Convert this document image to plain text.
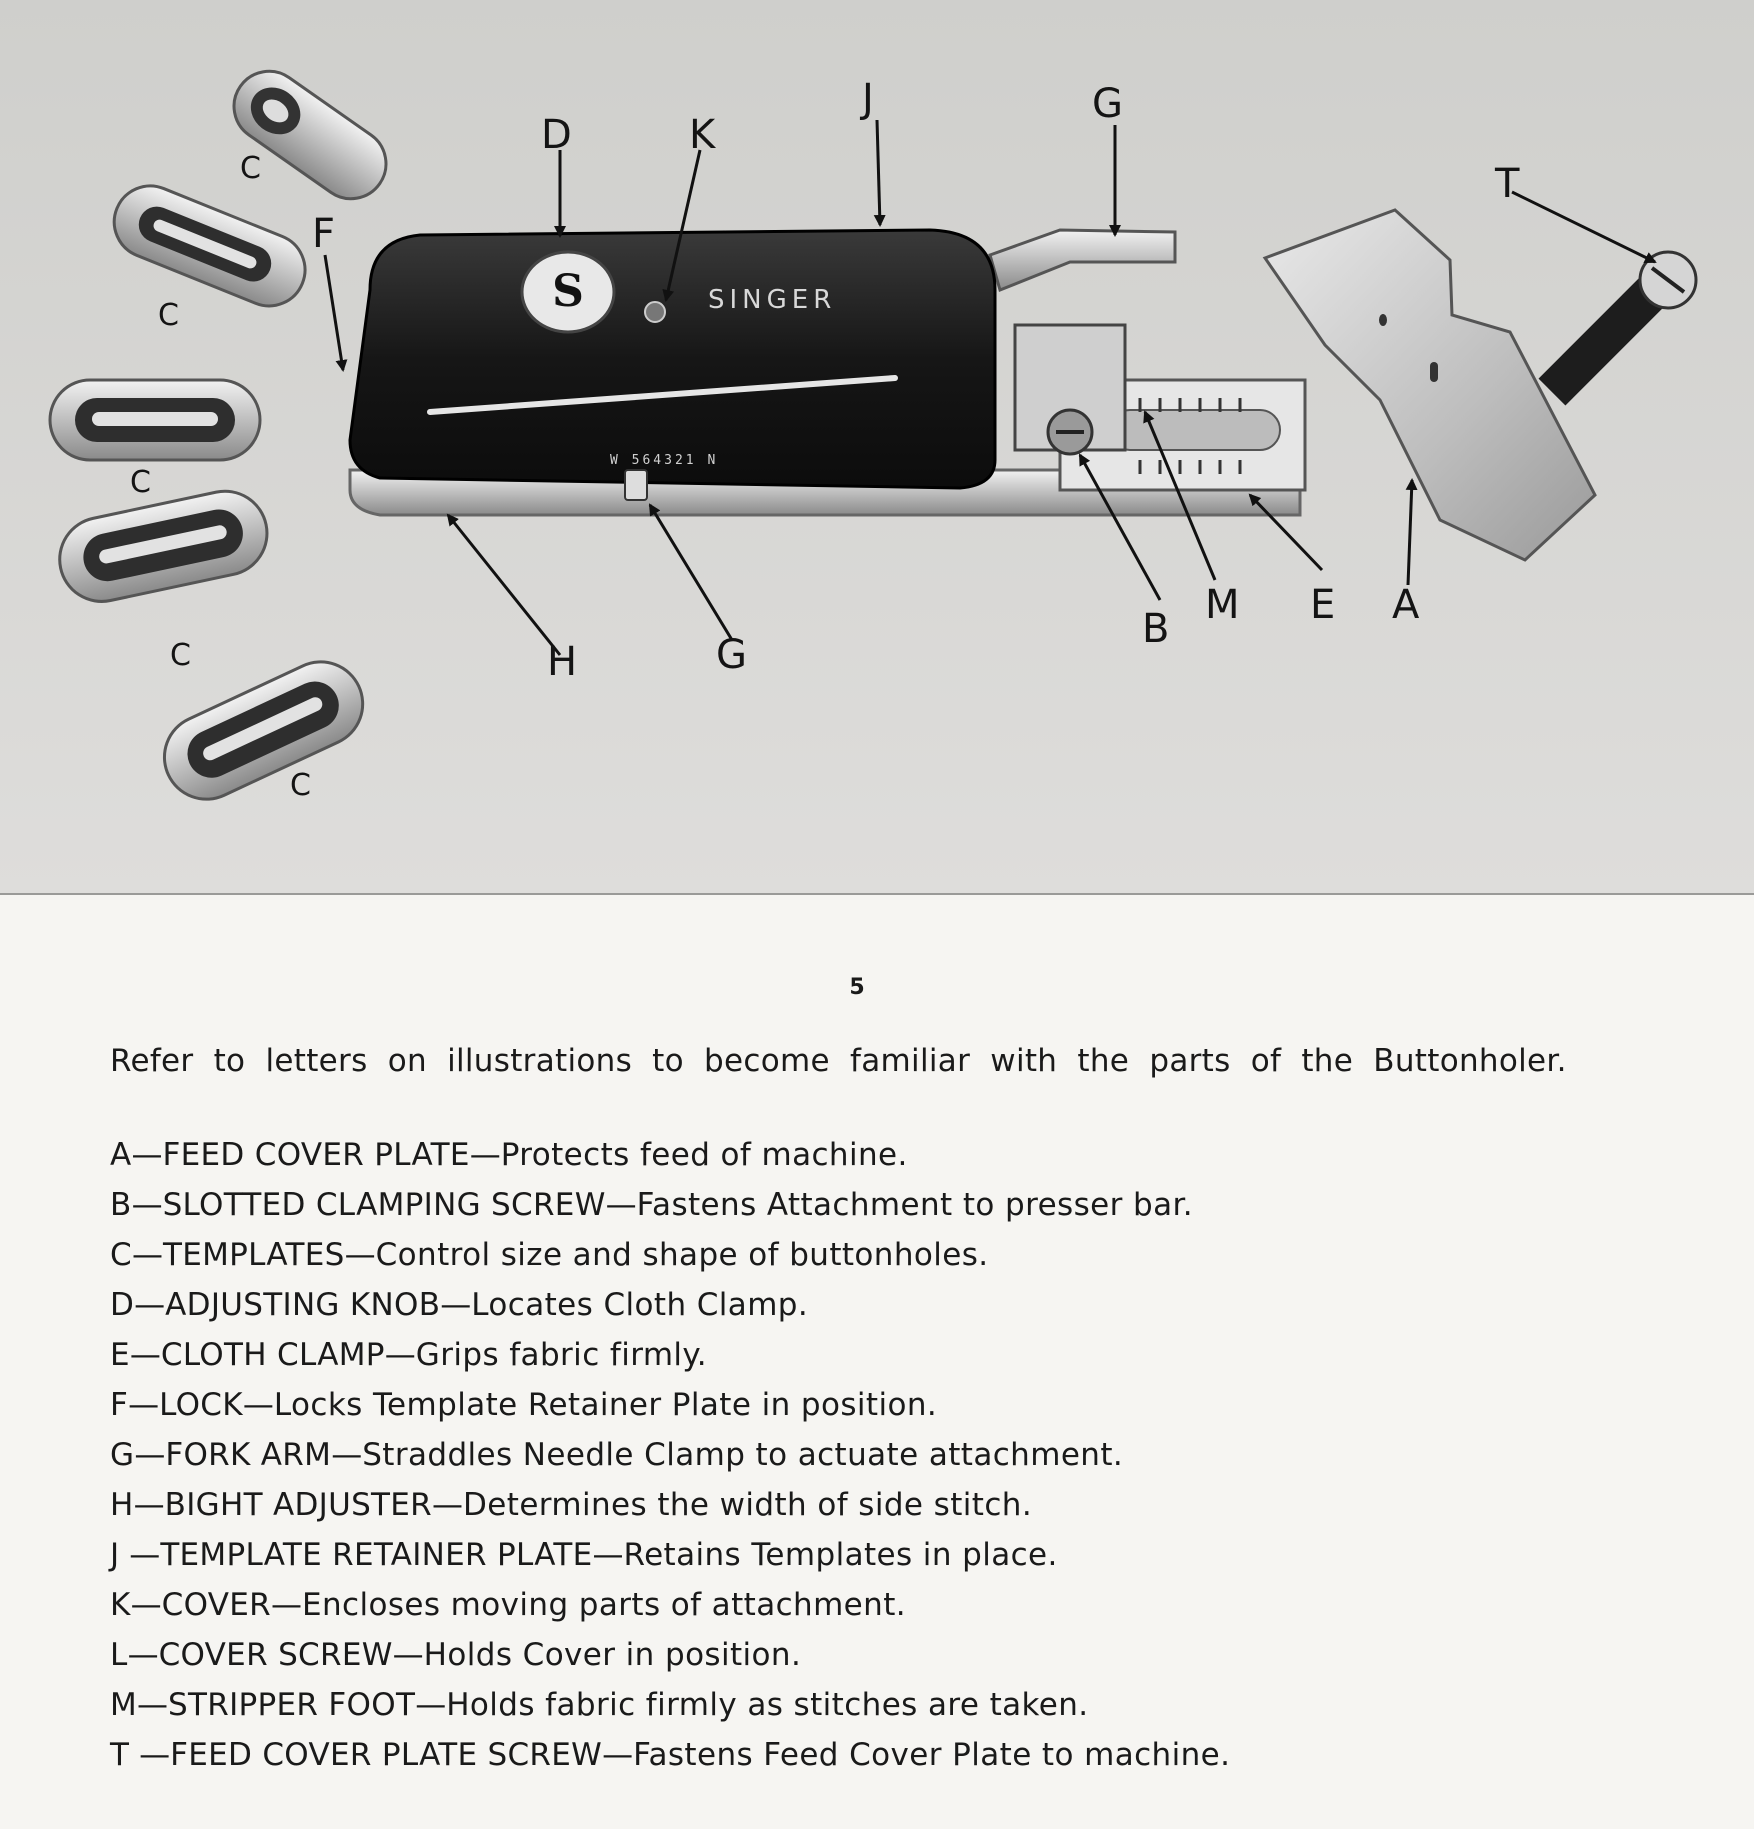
SINGER
W 564321 N
S
D	K
J	G
T
F
H	G
B
M E A
C
C
C
C
C
5
Refer to letters on illustrations to become familiar with the parts of the Buttonholer.
A—FEED COVER PLATE—Protects feed of machine.
B—SLOTTED CLAMPING SCREW—Fastens Attachment to presser bar.
C—TEMPLATES—Control size and shape of buttonholes.
D—ADJUSTING KNOB—Locates Cloth Clamp.
E—CLOTH CLAMP—Grips fabric firmly.
F—LOCK—Locks Template Retainer Plate in position.
G—FORK ARM—Straddles Needle Clamp to actuate attachment.
H—BIGHT ADJUSTER—Determines the width of side stitch.
J —TEMPLATE RETAINER PLATE—Retains Templates in place.
K—COVER—Encloses moving parts of attachment.
L—COVER SCREW—Holds Cover in position.
M—STRIPPER FOOT—Holds fabric firmly as stitches are taken.
T —FEED COVER PLATE SCREW—Fastens Feed Cover Plate to machine.
